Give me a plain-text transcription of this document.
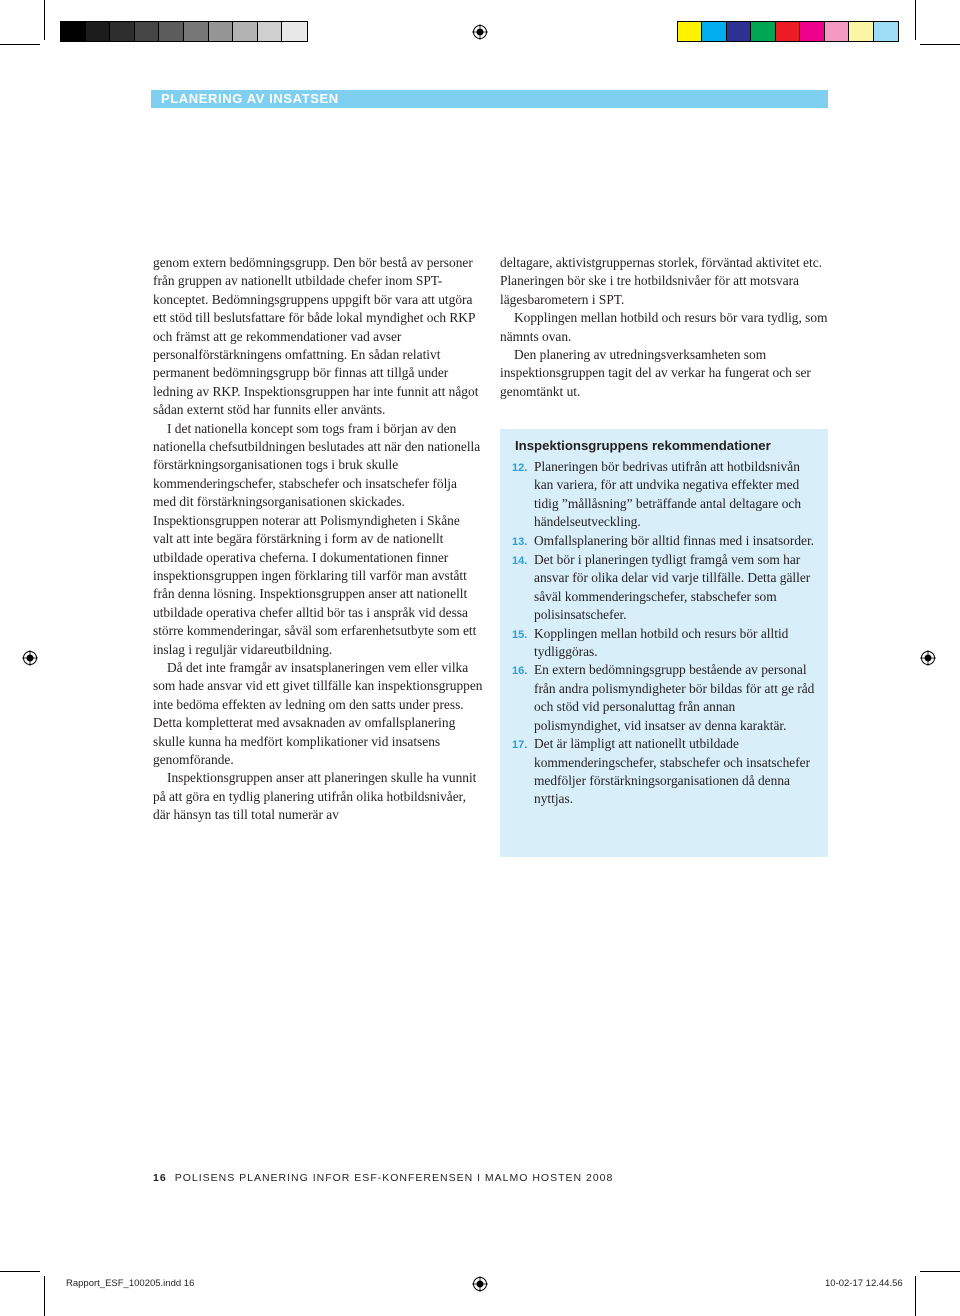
PLANERING AV INSATSEN

genom extern bedömningsgrupp. Den bör bestå av personer från gruppen av nationellt utbildade chefer inom SPT-konceptet. Bedömningsgruppens uppgift bör vara att utgöra ett stöd till beslutsfattare för både lokal myndighet och RKP och främst att ge rekommendationer vad avser personalförstärkningens omfattning. En sådan relativt permanent bedömningsgrupp bör finnas att tillgå under ledning av RKP. Inspektionsgruppen har inte funnit att något sådan externt stöd har funnits eller använts.

I det nationella koncept som togs fram i början av den nationella chefsutbildningen beslutades att när den nationella förstärkningsorganisationen togs i bruk skulle kommenderingschefer, stabschefer och insatschefer följa med dit förstärkningsorganisationen skickades. Inspektionsgruppen noterar att Polismyndigheten i Skåne valt att inte begära förstärkning i form av de nationellt utbildade operativa cheferna. I dokumentationen finner inspektionsgruppen ingen förklaring till varför man avstått från denna lösning. Inspektionsgruppen anser att nationellt utbildade operativa chefer alltid bör tas i anspråk vid dessa större kommenderingar, såväl som erfarenhetsutbyte som ett inslag i reguljär vidareutbildning.

Då det inte framgår av insatsplaneringen vem eller vilka som hade ansvar vid ett givet tillfälle kan inspektionsgruppen inte bedöma effekten av ledning om den satts under press. Detta kompletterat med avsaknaden av omfallsplanering skulle kunna ha medfört komplikationer vid insatsens genomförande.

Inspektionsgruppen anser att planeringen skulle ha vunnit på att göra en tydlig planering utifrån olika hotbildsnivåer, där hänsyn tas till total numerär av

deltagare, aktivistgruppernas storlek, förväntad aktivitet etc. Planeringen bör ske i tre hotbildsnivåer för att motsvara lägesbarometern i SPT.

Kopplingen mellan hotbild och resurs bör vara tydlig, som nämnts ovan.

Den planering av utredningsverksamheten som inspektionsgruppen tagit del av verkar ha fungerat och ser genomtänkt ut.

Inspektionsgruppens rekommendationer
12. Planeringen bör bedrivas utifrån att hotbildsnivån kan variera, för att undvika negativa effekter med tidig ”mållåsning” beträffande antal deltagare och händelseutveckling.
13. Omfallsplanering bör alltid finnas med i insatsorder.
14. Det bör i planeringen tydligt framgå vem som har ansvar för olika delar vid varje tillfälle. Detta gäller såväl kommenderingschefer, stabschefer som polisinsatschefer.
15. Kopplingen mellan hotbild och resurs bör alltid tydliggöras.
16. En extern bedömningsgrupp bestående av personal från andra polismyndigheter bör bildas för att ge råd och stöd vid personaluttag från annan polismyndighet, vid insatser av denna karaktär.
17. Det är lämpligt att nationellt utbildade kommenderingschefer, stabschefer och insatschefer medföljer förstärkningsorganisationen då denna nyttjas.
16 POLISENS PLANERING INFOR ESF-KONFERENSEN I MALMO HOSTEN 2008
Rapport_ESF_100205.indd 16	10-02-17 12.44.56
